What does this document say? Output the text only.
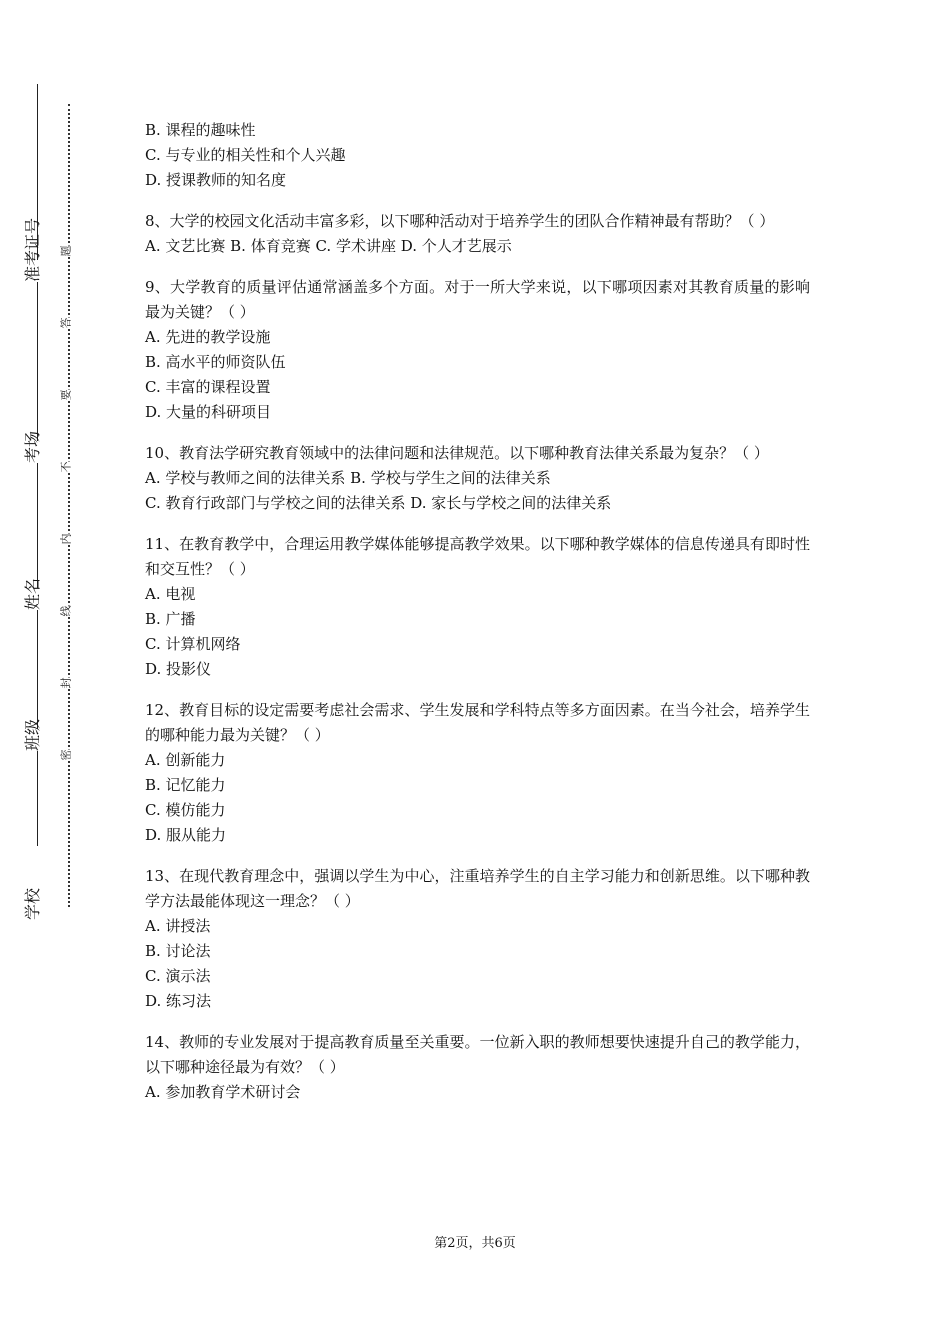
准考证号
考场
姓名
班级
学校
题
答
要
不
内
线
封
密

B. 课程的趣味性

C. 与专业的相关性和个人兴趣

D. 授课教师的知名度

8、大学的校园文化活动丰富多彩，以下哪种活动对于培养学生的团队合作精神最有帮助？（ ）

A. 文艺比赛 B. 体育竞赛 C. 学术讲座 D. 个人才艺展示

9、大学教育的质量评估通常涵盖多个方面。对于一所大学来说，以下哪项因素对其教育质量的影响最为关键？（ ）

A. 先进的教学设施

B. 高水平的师资队伍

C. 丰富的课程设置

D. 大量的科研项目

10、教育法学研究教育领域中的法律问题和法律规范。以下哪种教育法律关系最为复杂？（ ）

A. 学校与教师之间的法律关系 B. 学校与学生之间的法律关系

C. 教育行政部门与学校之间的法律关系 D. 家长与学校之间的法律关系

11、在教育教学中，合理运用教学媒体能够提高教学效果。以下哪种教学媒体的信息传递具有即时性和交互性？（ ）

A. 电视

B. 广播

C. 计算机网络

D. 投影仪

12、教育目标的设定需要考虑社会需求、学生发展和学科特点等多方面因素。在当今社会，培养学生的哪种能力最为关键？（ ）

A. 创新能力

B. 记忆能力

C. 模仿能力

D. 服从能力

13、在现代教育理念中，强调以学生为中心，注重培养学生的自主学习能力和创新思维。以下哪种教学方法最能体现这一理念？（ ）

A. 讲授法

B. 讨论法

C. 演示法

D. 练习法

14、教师的专业发展对于提高教育质量至关重要。一位新入职的教师想要快速提升自己的教学能力，以下哪种途径最为有效？（ ）

A. 参加教育学术研讨会

第2页，共6页
